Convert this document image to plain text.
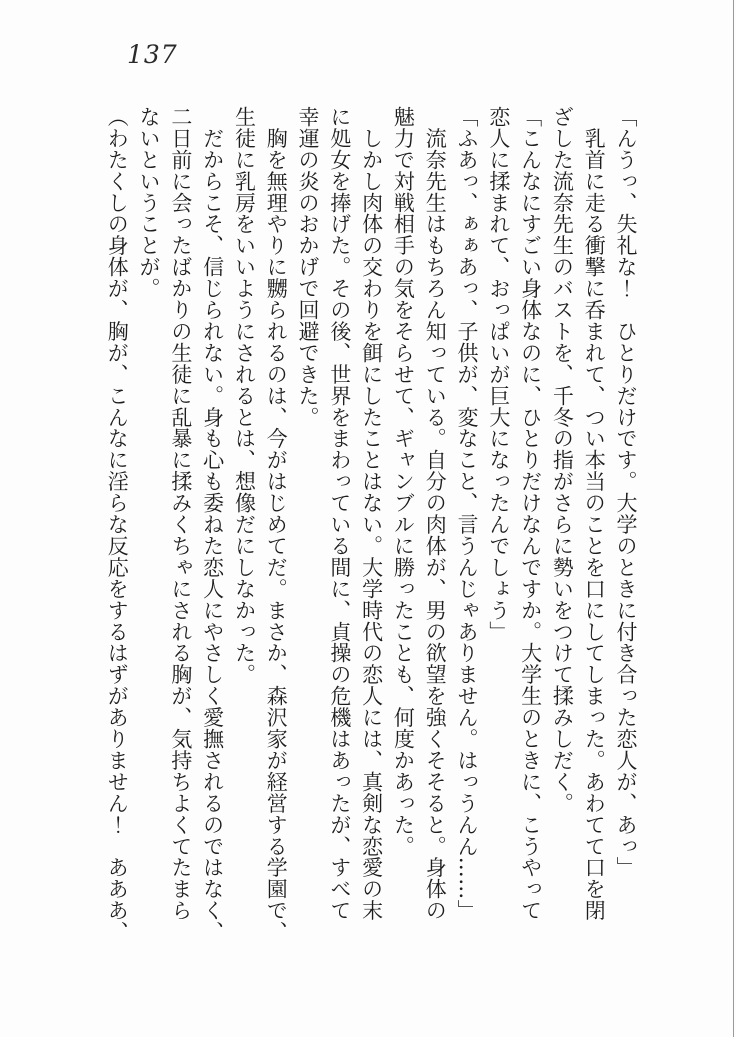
137

「んうっ、失礼な！　ひとりだけです。大学のときに付き合った恋人が、あっ」

　乳首に走る衝撃に呑まれて、つい本当のことを口にしてしまった。あわてて口を閉

ざした流奈先生のバストを、千冬の指がさらに勢いをつけて揉みしだく。

「こんなにすごい身体なのに、ひとりだけなんですか。大学生のときに、こうやって

恋人に揉まれて、おっぱいが巨大になったんでしょう」

「ふあっ、ぁぁあっ、子供が、変なこと、言うんじゃありません。はっうんん……」

　流奈先生はもちろん知っている。自分の肉体が、男の欲望を強くそそると。身体の

魅力で対戦相手の気をそらせて、ギャンブルに勝ったことも、何度かあった。

　しかし肉体の交わりを餌にしたことはない。大学時代の恋人には、真剣な恋愛の末

に処女を捧げた。その後、世界をまわっている間に、貞操の危機はあったが、すべて

幸運の炎のおかげで回避できた。

　胸を無理やりに嬲られるのは、今がはじめてだ。まさか、森沢家が経営する学園で、

生徒に乳房をいいようにされるとは、想像だにしなかった。

　だからこそ、信じられない。身も心も委ねた恋人にやさしく愛撫されるのではなく、

二日前に会ったばかりの生徒に乱暴に揉みくちゃにされる胸が、気持ちよくてたまら

ないということが。

（わたくしの身体が、胸が、こんなに淫らな反応をするはずがありません！　あああ、
